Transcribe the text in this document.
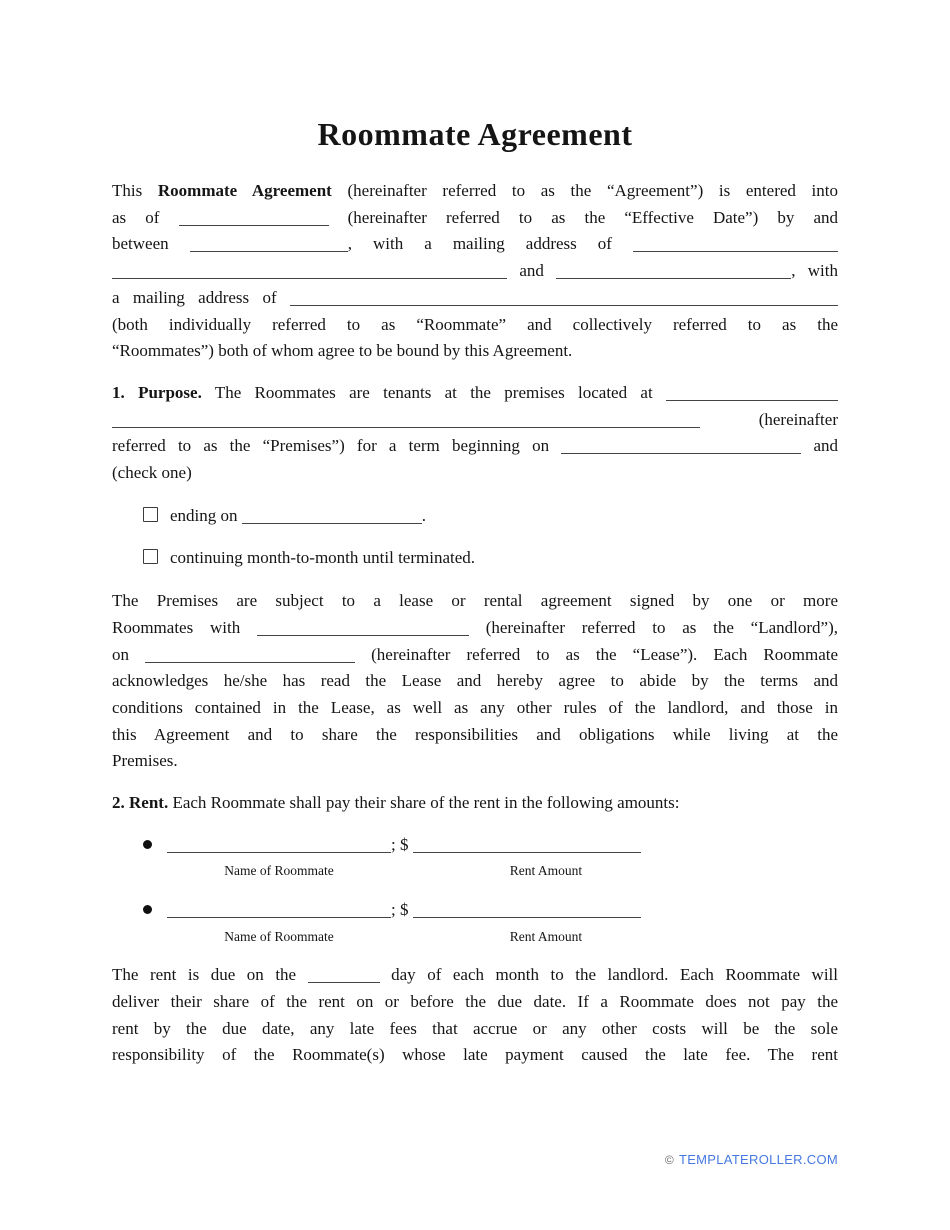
Roommate Agreement
This Roommate Agreement (hereinafter referred to as the “Agreement”) is entered into
as of	(hereinafter referred to as the “Effective Date”) by and
between	, with a mailing address of
and	, with
a mailing address of
(both individually referred to as “Roommate” and collectively referred to as the
“Roommates”) both of whom agree to be bound by this Agreement.
1. Purpose. The Roommates are tenants at the premises located at
(hereinafter
referred to as the “Premises”) for a term beginning on	and
(check one)
ending on	.
continuing month-to-month until terminated.
The Premises are subject to a lease or rental agreement signed by one or more
Roommates with	(hereinafter referred to as the “Landlord”),
on	(hereinafter referred to as the “Lease”). Each Roommate
acknowledges he/she has read the Lease and hereby agree to abide by the terms and
conditions contained in the Lease, as well as any other rules of the landlord, and those in
this Agreement and to share the responsibilities and obligations while living at the
Premises.
2. Rent. Each Roommate shall pay their share of the rent in the following amounts:
; $
Name of Roommate	Rent Amount
; $
Name of Roommate	Rent Amount
The rent is due on the	day of each month to the landlord. Each Roommate will
deliver their share of the rent on or before the due date. If a Roommate does not pay the
rent by the due date, any late fees that accrue or any other costs will be the sole
responsibility of the Roommate(s) whose late payment caused the late fee. The rent
© TEMPLATEROLLER.COM
